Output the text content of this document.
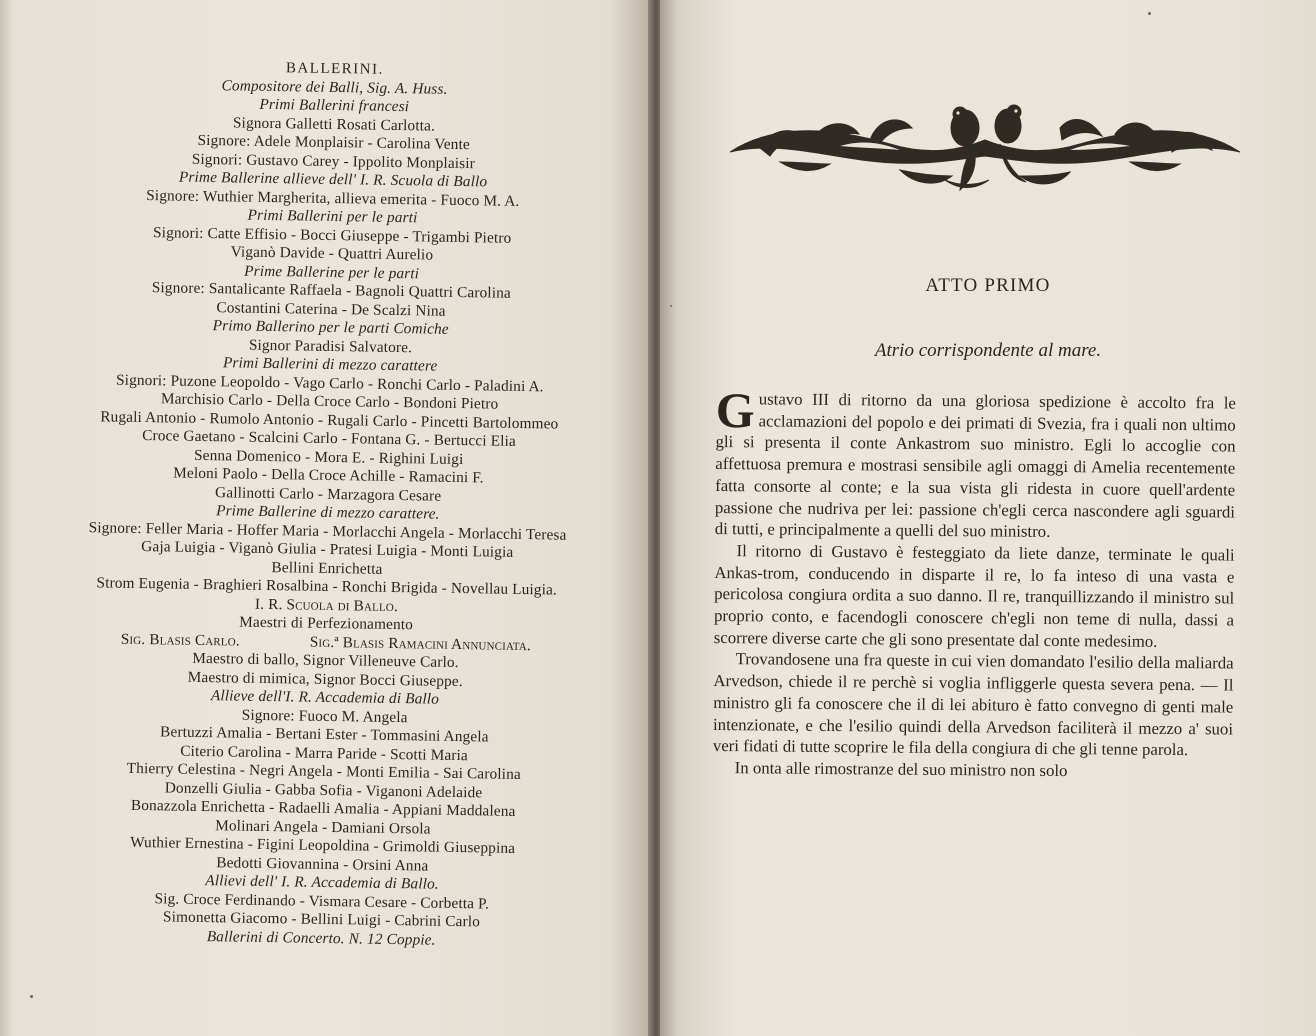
BALLERINI.
Compositore dei Balli, Sig. A. Huss.
Primi Ballerini francesi
Signora Galletti Rosati Carlotta.
Signore: Adele Monplaisir - Carolina Vente
Signori: Gustavo Carey - Ippolito Monplaisir
Prime Ballerine allieve dell' I. R. Scuola di Ballo
Signore: Wuthier Margherita, allieva emerita - Fuoco M. A.
Primi Ballerini per le parti
Signori: Catte Effisio - Bocci Giuseppe - Trigambi Pietro
Viganò Davide - Quattri Aurelio
Prime Ballerine per le parti
Signore: Santalicante Raffaela - Bagnoli Quattri Carolina
Costantini Caterina - De Scalzi Nina
Primo Ballerino per le parti Comiche
Signor Paradisi Salvatore.
Primi Ballerini di mezzo carattere
Signori: Puzone Leopoldo - Vago Carlo - Ronchi Carlo - Paladini A.
Marchisio Carlo - Della Croce Carlo - Bondoni Pietro
Rugali Antonio - Rumolo Antonio - Rugali Carlo - Pincetti Bartolommeo
Croce Gaetano - Scalcini Carlo - Fontana G. - Bertucci Elia
Senna Domenico - Mora E. - Righini Luigi
Meloni Paolo - Della Croce Achille - Ramacini F.
Gallinotti Carlo - Marzagora Cesare
Prime Ballerine di mezzo carattere.
Signore: Feller Maria - Hoffer Maria - Morlacchi Angela - Morlacchi Teresa
Gaja Luigia - Viganò Giulia - Pratesi Luigia - Monti Luigia
Bellini Enrichetta
Strom Eugenia - Braghieri Rosalbina - Ronchi Brigida - Novellau Luigia.
I. R. Scuola di Ballo.
Maestri di Perfezionamento
Sig. Blasis Carlo.	Sig.ª Blasis Ramacini Annunciata.
Maestro di ballo, Signor Villeneuve Carlo.
Maestro di mimica, Signor Bocci Giuseppe.
Allieve dell'I. R. Accademia di Ballo
Signore: Fuoco M. Angela
Bertuzzi Amalia - Bertani Ester - Tommasini Angela
Citerio Carolina - Marra Paride - Scotti Maria
Thierry Celestina - Negri Angela - Monti Emilia - Sai Carolina
Donzelli Giulia - Gabba Sofia - Viganoni Adelaide
Bonazzola Enrichetta - Radaelli Amalia - Appiani Maddalena
Molinari Angela - Damiani Orsola
Wuthier Ernestina - Figini Leopoldina - Grimoldi Giuseppina
Bedotti Giovannina - Orsini Anna
Allievi dell' I. R. Accademia di Ballo.
Sig. Croce Ferdinando - Vismara Cesare - Corbetta P.
Simonetta Giacomo - Bellini Luigi - Cabrini Carlo
Ballerini di Concerto. N. 12 Coppie.
ATTO PRIMO
Atrio corrispondente al mare.

Gustavo III di ritorno da una gloriosa spedizione è accolto fra le acclamazioni del popolo e dei primati di Svezia, fra i quali non ultimo gli si presenta il conte Ankastrom suo ministro. Egli lo accoglie con affettuosa premura e mostrasi sensibile agli omaggi di Amelia recentemente fatta consorte al conte; e la sua vista gli ridesta in cuore quell'ardente passione che nudriva per lei: passione ch'egli cerca nascondere agli sguardi di tutti, e principalmente a quelli del suo ministro.

Il ritorno di Gustavo è festeggiato da liete danze, terminate le quali Ankas-trom, conducendo in disparte il re, lo fa inteso di una vasta e pericolosa congiura ordita a suo danno. Il re, tranquillizzando il ministro sul proprio conto, e facendogli conoscere ch'egli non teme di nulla, dassi a scorrere diverse carte che gli sono presentate dal conte medesimo.

Trovandosene una fra queste in cui vien domandato l'esilio della maliarda Arvedson, chiede il re perchè si voglia infliggerle questa severa pena. — Il ministro gli fa conoscere che il di lei abituro è fatto convegno di genti male intenzionate, e che l'esilio quindi della Arvedson faciliterà il mezzo a' suoi veri fidati di tutte scoprire le fila della congiura di che gli tenne parola.

In onta alle rimostranze del suo ministro non solo
